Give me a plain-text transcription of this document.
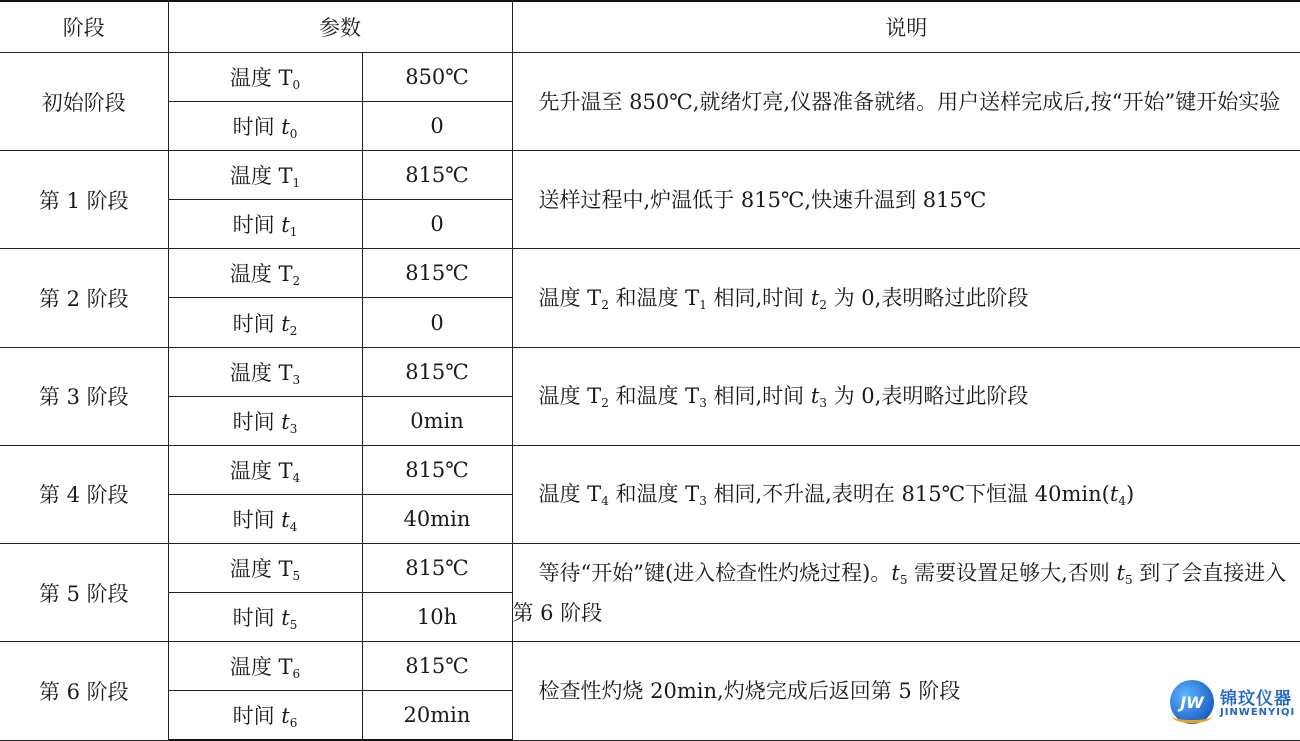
阶段	参数		说明
初始阶段	温度 $T_0$	850℃	先升温至 850℃,就绪灯亮,仪器准备就绪。用户送样完成后,按“开始”键开始实验
	时间 $t_0$	0	
第 1 阶段	温度 $T_1$	815℃	送样过程中,炉温低于 815℃,快速升温到 815℃
	时间 $t_1$	0	
第 2 阶段	温度 $T_2$	815℃	温度 $T_2$ 和温度 $T_1$ 相同,时间 $t_2$ 为 0,表明略过此阶段
	时间 $t_2$	0	
第 3 阶段	温度 $T_3$	815℃	温度 $T_2$ 和温度 $T_3$ 相同,时间 $t_3$ 为 0,表明略过此阶段
	时间 $t_3$	0min	
第 4 阶段	温度 $T_4$	815℃	温度 $T_4$ 和温度 $T_3$ 相同,不升温,表明在 815℃下恒温 $40\min(t_4)$
	时间 $t_4$	40min	
第 5 阶段	温度 $T_5$	815℃	等待“开始”键(进入检查性灼烧过程)。$t_5$ 需要设置足够大,否则 $t_5$ 到了会直接进入第 6 阶段
	时间 $t_5$	10h	
第 6 阶段	温度 $T_6$	815℃	检查性灼烧 20min,灼烧完成后返回第 5 阶段
	时间 $t_6$	20min	
JW 锦玟仪器
JINWENYIQI
